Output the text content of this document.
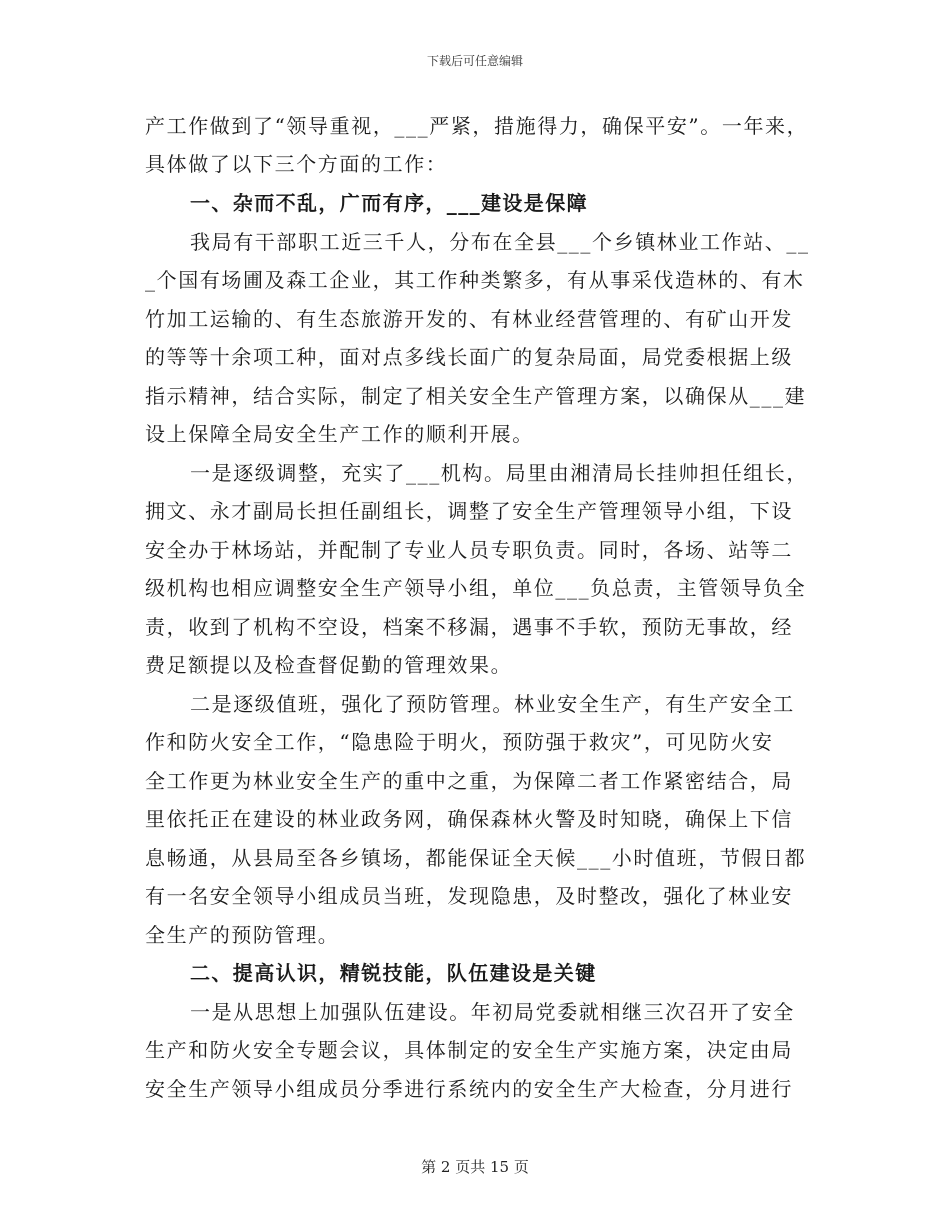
下载后可任意编辑
产工作做到了“领导重视，___严紧，措施得力，确保平安”。一年来，
具体做了以下三个方面的工作：
一、杂而不乱，广而有序，___建设是保障
我局有干部职工近三千人，分布在全县___个乡镇林业工作站、__
_个国有场圃及森工企业，其工作种类繁多，有从事采伐造林的、有木
竹加工运输的、有生态旅游开发的、有林业经营管理的、有矿山开发
的等等十余项工种，面对点多线长面广的复杂局面，局党委根据上级
指示精神，结合实际，制定了相关安全生产管理方案，以确保从___建
设上保障全局安全生产工作的顺利开展。
一是逐级调整，充实了___机构。局里由湘清局长挂帅担任组长，
拥文、永才副局长担任副组长，调整了安全生产管理领导小组，下设
安全办于林场站，并配制了专业人员专职负责。同时，各场、站等二
级机构也相应调整安全生产领导小组，单位___负总责，主管领导负全
责，收到了机构不空设，档案不移漏，遇事不手软，预防无事故，经
费足额提以及检查督促勤的管理效果。
二是逐级值班，强化了预防管理。林业安全生产，有生产安全工
作和防火安全工作，“隐患险于明火，预防强于救灾”，可见防火安
全工作更为林业安全生产的重中之重，为保障二者工作紧密结合，局
里依托正在建设的林业政务网，确保森林火警及时知晓，确保上下信
息畅通，从县局至各乡镇场，都能保证全天候___小时值班，节假日都
有一名安全领导小组成员当班，发现隐患，及时整改，强化了林业安
全生产的预防管理。
二、提高认识，精锐技能，队伍建设是关键
一是从思想上加强队伍建设。年初局党委就相继三次召开了安全
生产和防火安全专题会议，具体制定的安全生产实施方案，决定由局
安全生产领导小组成员分季进行系统内的安全生产大检查，分月进行
第 2 页共 15 页
